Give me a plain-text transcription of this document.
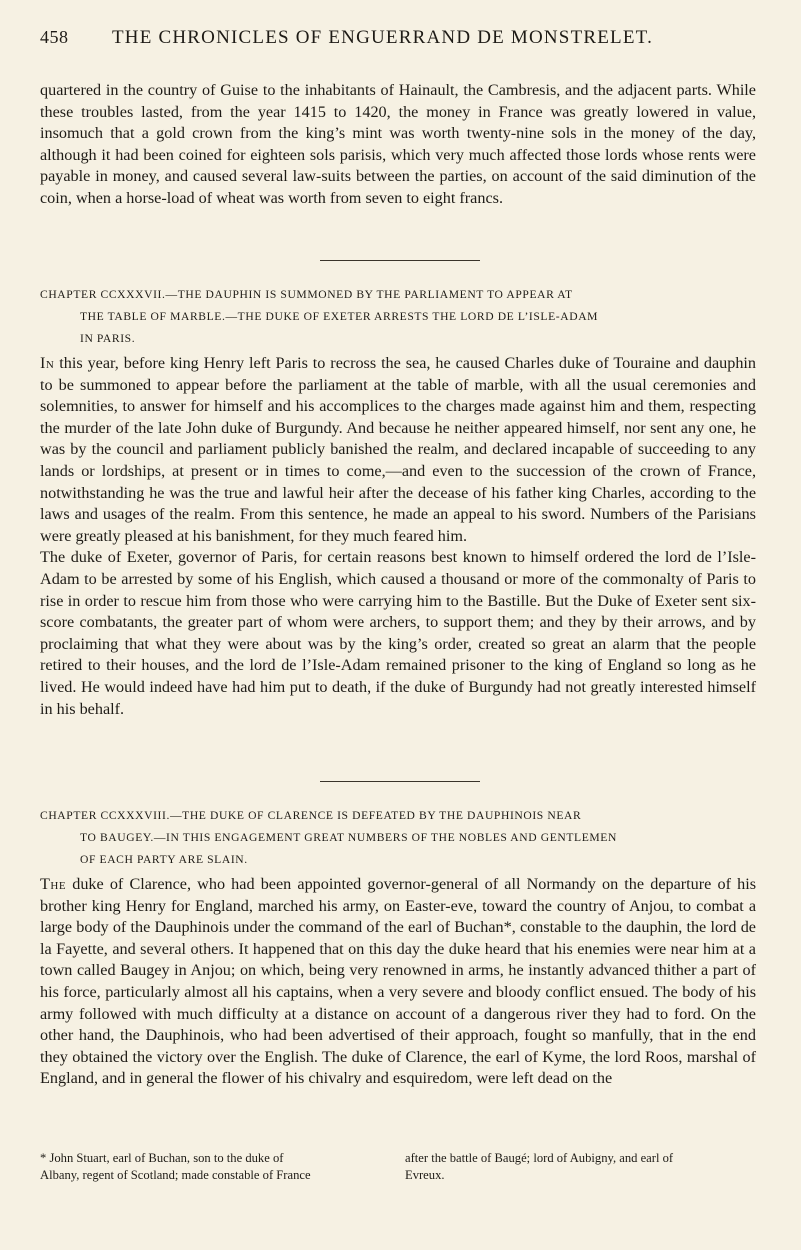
458 THE CHRONICLES OF ENGUERRAND DE MONSTRELET.

quartered in the country of Guise to the inhabitants of Hainault, the Cambresis, and the adjacent parts. While these troubles lasted, from the year 1415 to 1420, the money in France was greatly lowered in value, insomuch that a gold crown from the king’s mint was worth twenty-nine sols in the money of the day, although it had been coined for eighteen sols parisis, which very much affected those lords whose rents were payable in money, and caused several law-suits between the parties, on account of the said diminution of the coin, when a horse-load of wheat was worth from seven to eight francs.

CHAPTER CCXXXVII.—THE DAUPHIN IS SUMMONED BY THE PARLIAMENT TO APPEAR AT
THE TABLE OF MARBLE.—THE DUKE OF EXETER ARRESTS THE LORD DE L’ISLE-ADAM
IN PARIS.

In this year, before king Henry left Paris to recross the sea, he caused Charles duke of Touraine and dauphin to be summoned to appear before the parliament at the table of marble, with all the usual ceremonies and solemnities, to answer for himself and his accomplices to the charges made against him and them, respecting the murder of the late John duke of Burgundy. And because he neither appeared himself, nor sent any one, he was by the council and parliament publicly banished the realm, and declared incapable of succeeding to any lands or lordships, at present or in times to come,—and even to the succession of the crown of France, notwithstanding he was the true and lawful heir after the decease of his father king Charles, according to the laws and usages of the realm. From this sentence, he made an appeal to his sword. Numbers of the Parisians were greatly pleased at his banishment, for they much feared him.

The duke of Exeter, governor of Paris, for certain reasons best known to himself ordered the lord de l’Isle-Adam to be arrested by some of his English, which caused a thousand or more of the commonalty of Paris to rise in order to rescue him from those who were carrying him to the Bastille. But the Duke of Exeter sent six-score combatants, the greater part of whom were archers, to support them; and they by their arrows, and by proclaiming that what they were about was by the king’s order, created so great an alarm that the people retired to their houses, and the lord de l’Isle-Adam remained prisoner to the king of England so long as he lived. He would indeed have had him put to death, if the duke of Burgundy had not greatly interested himself in his behalf.

CHAPTER CCXXXVIII.—THE DUKE OF CLARENCE IS DEFEATED BY THE DAUPHINOIS NEAR
TO BAUGEY.—IN THIS ENGAGEMENT GREAT NUMBERS OF THE NOBLES AND GENTLEMEN
OF EACH PARTY ARE SLAIN.

The duke of Clarence, who had been appointed governor-general of all Normandy on the departure of his brother king Henry for England, marched his army, on Easter-eve, toward the country of Anjou, to combat a large body of the Dauphinois under the command of the earl of Buchan*, constable to the dauphin, the lord de la Fayette, and several others. It happened that on this day the duke heard that his enemies were near him at a town called Baugey in Anjou; on which, being very renowned in arms, he instantly advanced thither a part of his force, particularly almost all his captains, when a very severe and bloody conflict ensued. The body of his army followed with much difficulty at a distance on account of a dangerous river they had to ford. On the other hand, the Dauphinois, who had been advertised of their approach, fought so manfully, that in the end they obtained the victory over the English. The duke of Clarence, the earl of Kyme, the lord Roos, marshal of England, and in general the flower of his chivalry and esquiredom, were left dead on the

* John Stuart, earl of Buchan, son to the duke of
Albany, regent of Scotland; made constable of France
after the battle of Baugé; lord of Aubigny, and earl of
Evreux.
